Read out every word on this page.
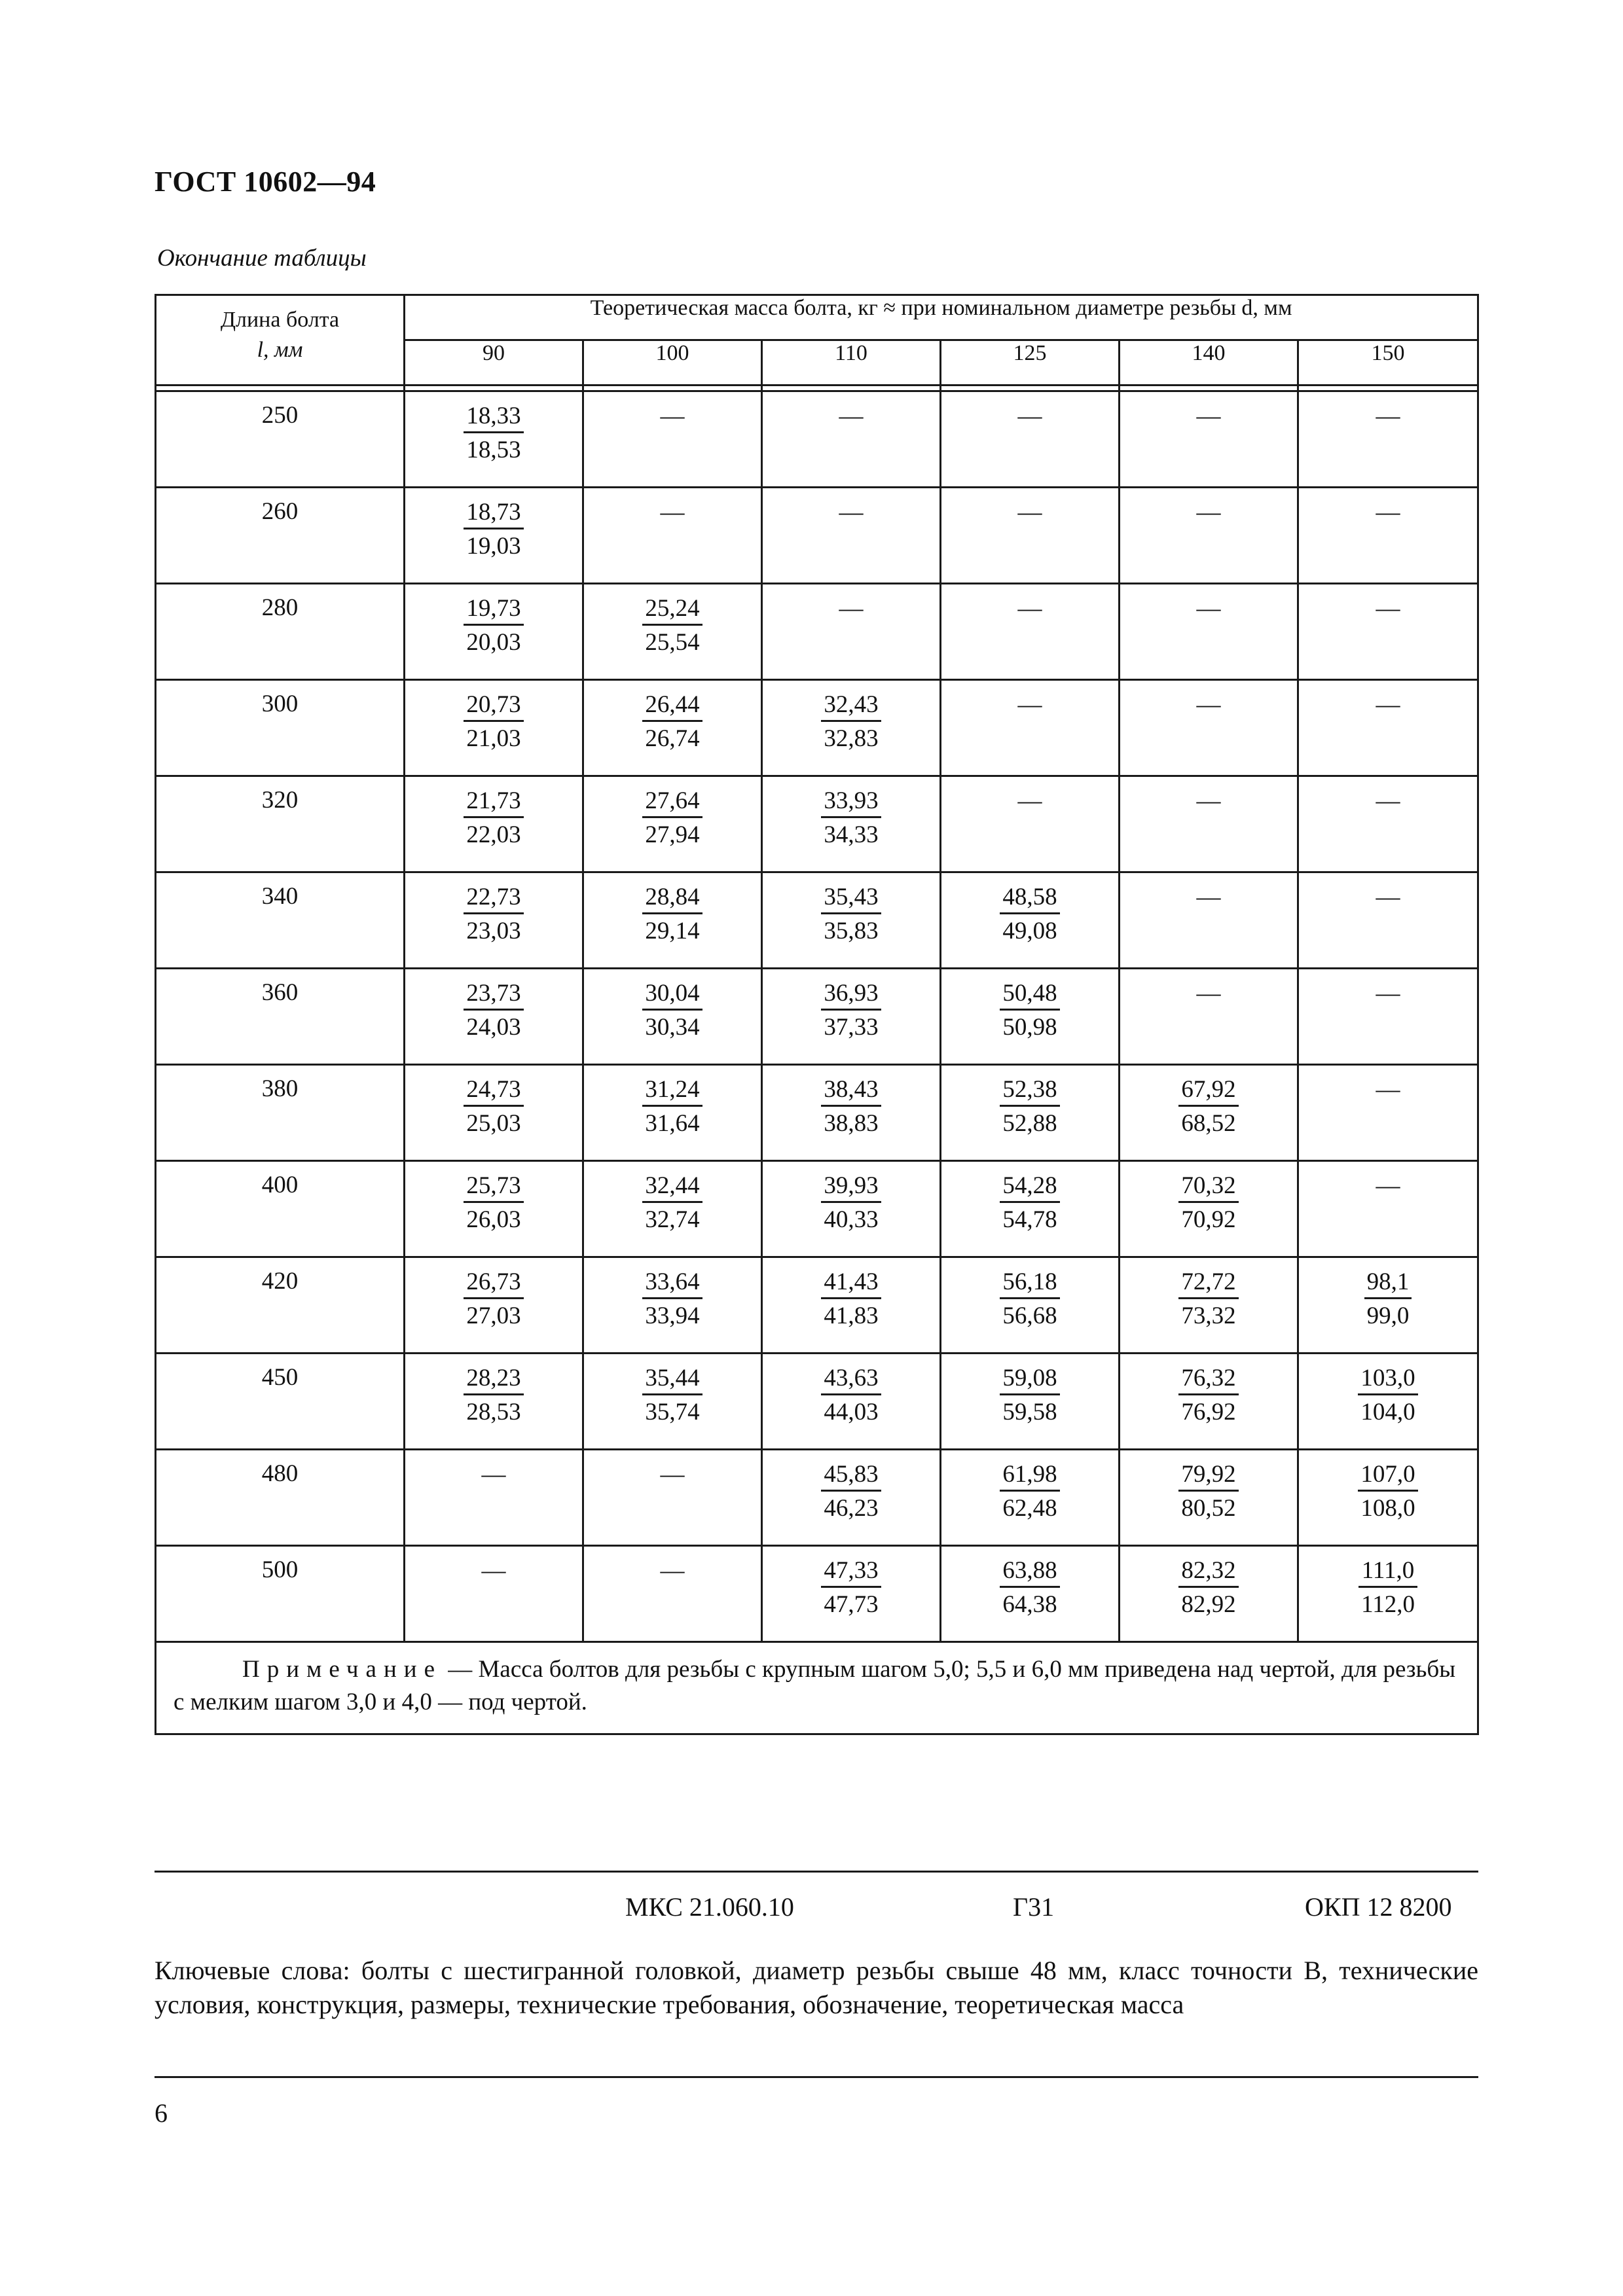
ГОСТ 10602—94
Окончание таблицы
Длина болта
l, мм	Теоретическая масса болта, кг ≈ при номинальном диаметре резьбы d, мм					
	90	100	110	125	140	150

250	$\frac{18,33}{18,53}$	—	—	—	—	—
260	$\frac{18,73}{19,03}$	—	—	—	—	—
280	$\frac{19,73}{20,03}$	$\frac{25,24}{25,54}$	—	—	—	—
300	$\frac{20,73}{21,03}$	$\frac{26,44}{26,74}$	$\frac{32,43}{32,83}$	—	—	—
320	$\frac{21,73}{22,03}$	$\frac{27,64}{27,94}$	$\frac{33,93}{34,33}$	—	—	—
340	$\frac{22,73}{23,03}$	$\frac{28,84}{29,14}$	$\frac{35,43}{35,83}$	$\frac{48,58}{49,08}$	—	—
360	$\frac{23,73}{24,03}$	$\frac{30,04}{30,34}$	$\frac{36,93}{37,33}$	$\frac{50,48}{50,98}$	—	—
380	$\frac{24,73}{25,03}$	$\frac{31,24}{31,64}$	$\frac{38,43}{38,83}$	$\frac{52,38}{52,88}$	$\frac{67,92}{68,52}$	—
400	$\frac{25,73}{26,03}$	$\frac{32,44}{32,74}$	$\frac{39,93}{40,33}$	$\frac{54,28}{54,78}$	$\frac{70,32}{70,92}$	—
420	$\frac{26,73}{27,03}$	$\frac{33,64}{33,94}$	$\frac{41,43}{41,83}$	$\frac{56,18}{56,68}$	$\frac{72,72}{73,32}$	$\frac{98,1}{99,0}$

450	$\frac{28,23}{28,53}$	$\frac{35,44}{35,74}$	$\frac{43,63}{44,03}$	$\frac{59,08}{59,58}$	$\frac{76,32}{76,92}$	$\frac{103,0}{104,0}$

480	—	—	$\frac{45,83}{46,23}$	$\frac{61,98}{62,48}$	$\frac{79,92}{80,52}$	$\frac{107,0}{108,0}$

500	—	—	$\frac{47,33}{47,73}$	$\frac{63,88}{64,38}$	$\frac{82,32}{82,92}$	$\frac{111,0}{112,0}$

Примечание — Масса болтов для резьбы с крупным шагом 5,0; 5,5 и 6,0 мм приведена над чертой, для резьбы с мелким шагом 3,0 и 4,0 — под чертой.						
МКС 21.060.10	Г31	ОКП 12 8200
Ключевые слова: болты с шестигранной головкой, диаметр резьбы свыше 48 мм, класс точности В, технические условия, конструкция, размеры, технические требования, обозначение, теоретическая масса
6
